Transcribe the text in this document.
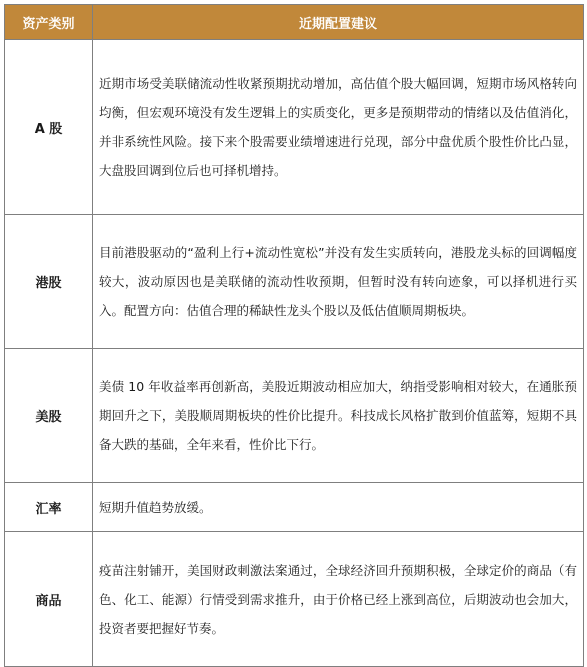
资产类别	近期配置建议
A 股	近期市场受美联储流动性收紧预期扰动增加，高估值个股大幅回调，短期市场风格转向均衡，但宏观环境没有发生逻辑上的实质变化，更多是预期带动的情绪以及估值消化，并非系统性风险。接下来个股需要业绩增速进行兑现，部分中盘优质个股性价比凸显，大盘股回调到位后也可择机增持。
港股	目前港股驱动的“盈利上行+流动性宽松”并没有发生实质转向，港股龙头标的回调幅度较大，波动原因也是美联储的流动性收预期，但暂时没有转向迹象，可以择机进行买入。配置方向：估值合理的稀缺性龙头个股以及低估值顺周期板块。
美股	美债 10 年收益率再创新高，美股近期波动相应加大，纳指受影响相对较大，在通胀预期回升之下，美股顺周期板块的性价比提升。科技成长风格扩散到价值蓝筹，短期不具备大跌的基础，全年来看，性价比下行。
汇率	短期升值趋势放缓。
商品	疫苗注射铺开，美国财政刺激法案通过，全球经济回升预期积极，全球定价的商品（有色、化工、能源）行情受到需求推升，由于价格已经上涨到高位，后期波动也会加大，投资者要把握好节奏。
